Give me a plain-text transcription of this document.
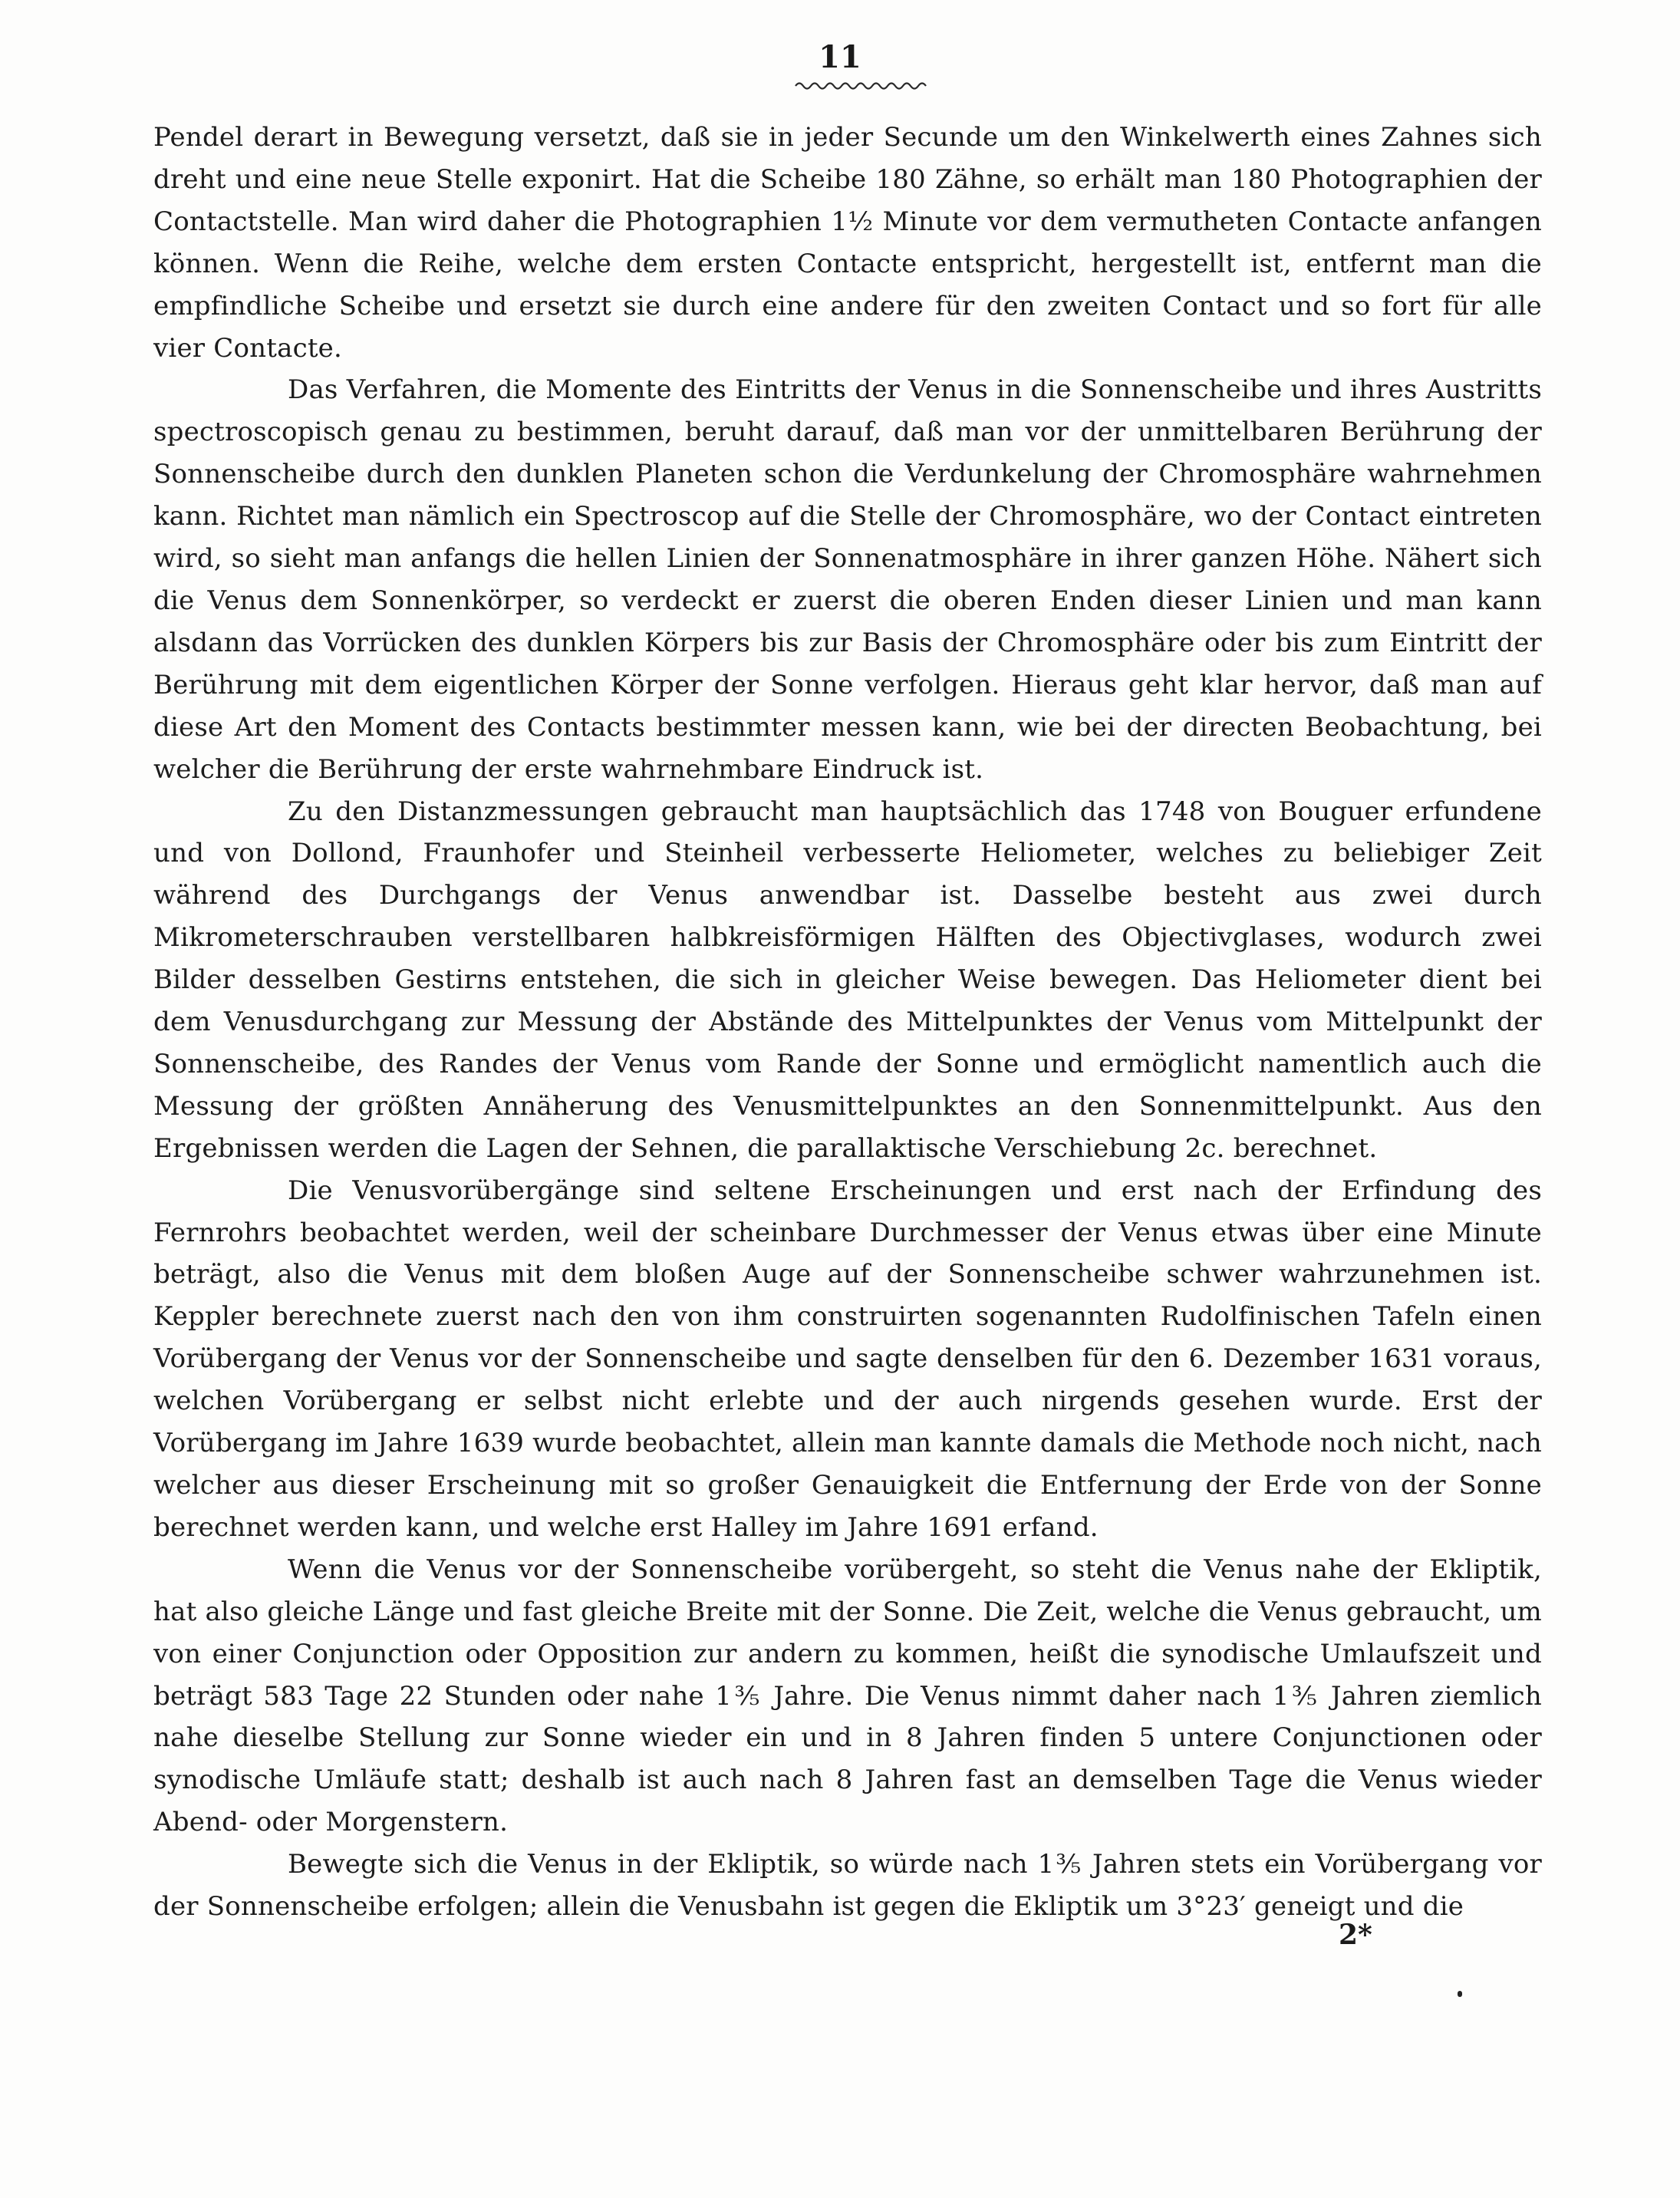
11

Pendel derart in Bewegung versetzt, daß sie in jeder Secunde um den Winkelwerth eines Zahnes sich dreht und eine neue Stelle exponirt. Hat die Scheibe 180 Zähne, so erhält man 180 Photographien der Contactstelle. Man wird daher die Photographien 1½ Minute vor dem vermutheten Contacte anfangen können. Wenn die Reihe, welche dem ersten Contacte entspricht, hergestellt ist, entfernt man die empfindliche Scheibe und ersetzt sie durch eine andere für den zweiten Contact und so fort für alle vier Contacte.

Das Verfahren, die Momente des Eintritts der Venus in die Sonnenscheibe und ihres Austritts spectroscopisch genau zu bestimmen, beruht darauf, daß man vor der unmittelbaren Berührung der Sonnenscheibe durch den dunklen Planeten schon die Verdunkelung der Chromosphäre wahrnehmen kann. Richtet man nämlich ein Spectroscop auf die Stelle der Chromosphäre, wo der Contact eintreten wird, so sieht man anfangs die hellen Linien der Sonnenatmosphäre in ihrer ganzen Höhe. Nähert sich die Venus dem Sonnenkörper, so verdeckt er zuerst die oberen Enden dieser Linien und man kann alsdann das Vorrücken des dunklen Körpers bis zur Basis der Chromosphäre oder bis zum Eintritt der Berührung mit dem eigentlichen Körper der Sonne verfolgen. Hieraus geht klar hervor, daß man auf diese Art den Moment des Contacts bestimmter messen kann, wie bei der directen Beobachtung, bei welcher die Berührung der erste wahrnehmbare Eindruck ist.

Zu den Distanzmessungen gebraucht man hauptsächlich das 1748 von Bouguer erfundene und von Dollond, Fraunhofer und Steinheil verbesserte Heliometer, welches zu beliebiger Zeit während des Durchgangs der Venus anwendbar ist. Dasselbe besteht aus zwei durch Mikrometerschrauben verstellbaren halbkreisförmigen Hälften des Objectivglases, wodurch zwei Bilder desselben Gestirns entstehen, die sich in gleicher Weise bewegen. Das Heliometer dient bei dem Venusdurchgang zur Messung der Abstände des Mittelpunktes der Venus vom Mittelpunkt der Sonnenscheibe, des Randes der Venus vom Rande der Sonne und ermöglicht namentlich auch die Messung der größten Annäherung des Venusmittelpunktes an den Sonnenmittelpunkt. Aus den Ergebnissen werden die Lagen der Sehnen, die parallaktische Verschiebung 2c. berechnet.

Die Venusvorübergänge sind seltene Erscheinungen und erst nach der Erfindung des Fernrohrs beobachtet werden, weil der scheinbare Durchmesser der Venus etwas über eine Minute beträgt, also die Venus mit dem bloßen Auge auf der Sonnenscheibe schwer wahrzunehmen ist. Keppler berechnete zuerst nach den von ihm construirten sogenannten Rudolfinischen Tafeln einen Vorübergang der Venus vor der Sonnenscheibe und sagte denselben für den 6. Dezember 1631 voraus, welchen Vorübergang er selbst nicht erlebte und der auch nirgends gesehen wurde. Erst der Vorübergang im Jahre 1639 wurde beobachtet, allein man kannte damals die Methode noch nicht, nach welcher aus dieser Erscheinung mit so großer Genauigkeit die Entfernung der Erde von der Sonne berechnet werden kann, und welche erst Halley im Jahre 1691 erfand.

Wenn die Venus vor der Sonnenscheibe vorübergeht, so steht die Venus nahe der Ekliptik, hat also gleiche Länge und fast gleiche Breite mit der Sonne. Die Zeit, welche die Venus gebraucht, um von einer Conjunction oder Opposition zur andern zu kommen, heißt die synodische Umlaufszeit und beträgt 583 Tage 22 Stunden oder nahe 1⅗ Jahre. Die Venus nimmt daher nach 1⅗ Jahren ziemlich nahe dieselbe Stellung zur Sonne wieder ein und in 8 Jahren finden 5 untere Conjunctionen oder synodische Umläufe statt; deshalb ist auch nach 8 Jahren fast an demselben Tage die Venus wieder Abend- oder Morgenstern.

Bewegte sich die Venus in der Ekliptik, so würde nach 1⅗ Jahren stets ein Vorübergang vor der Sonnenscheibe erfolgen; allein die Venusbahn ist gegen die Ekliptik um 3°23′ geneigt und die

2*
